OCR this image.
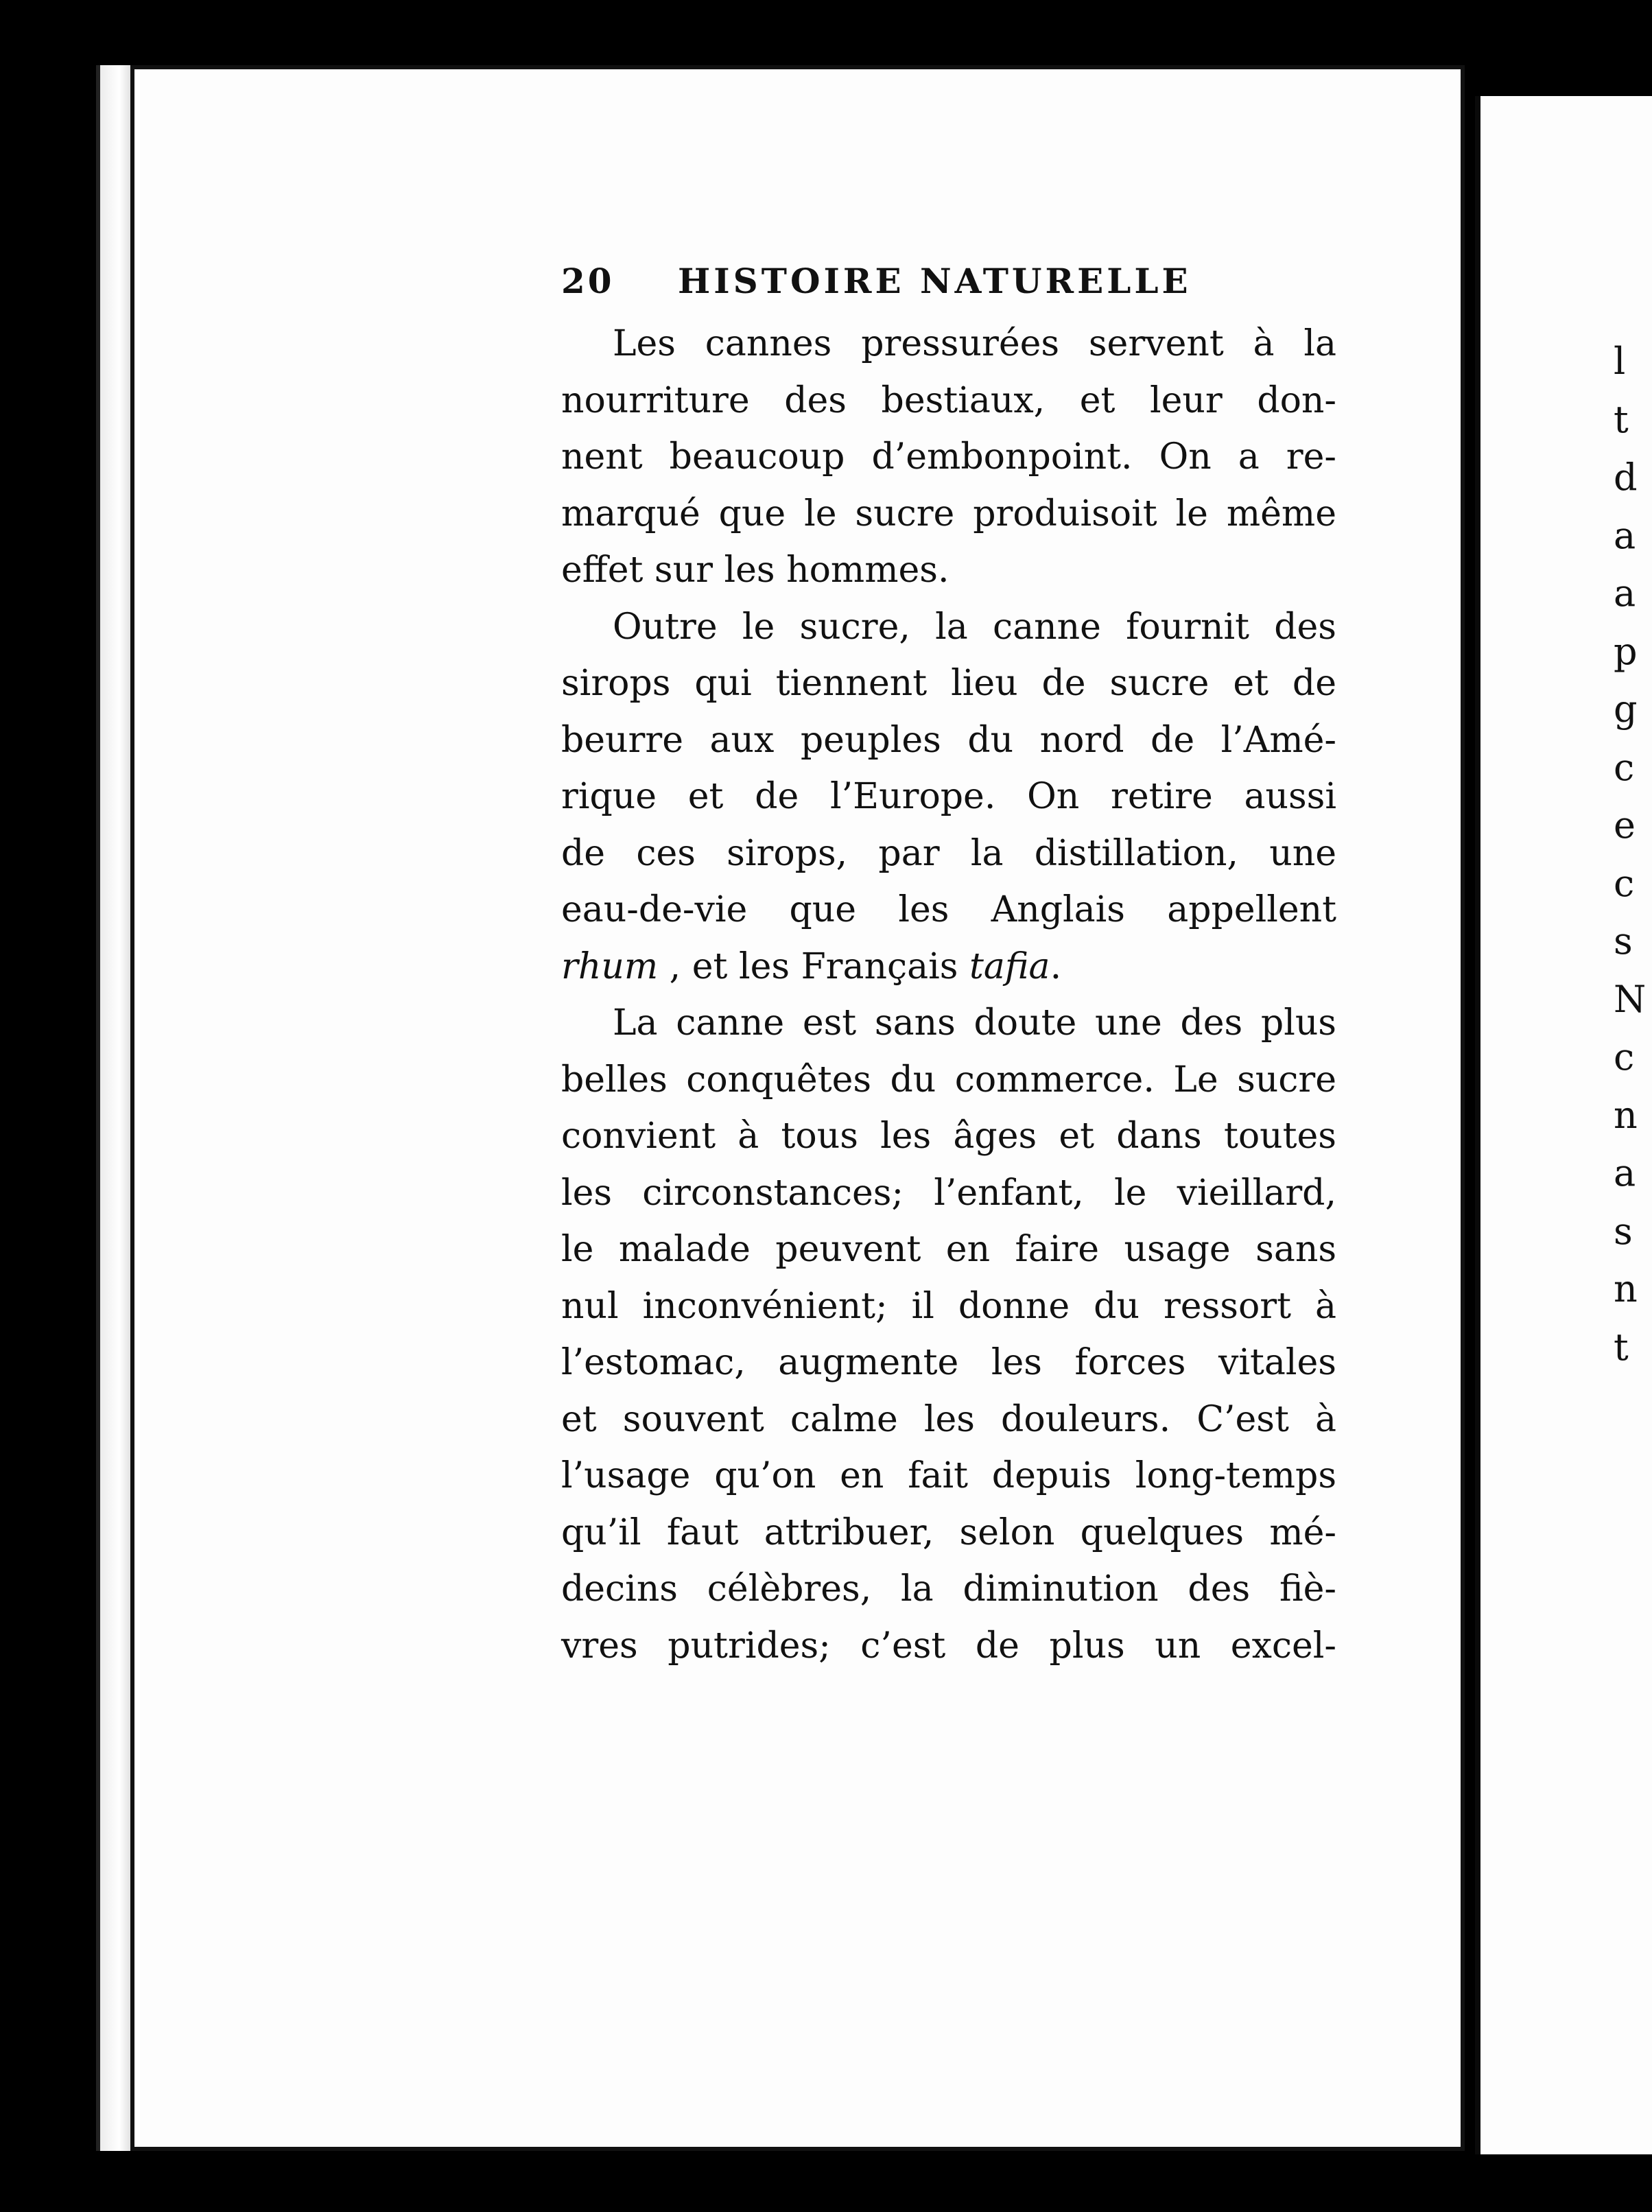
l
t
d
a
a
p
g
c
e
c
s
N
c
n
a
s
n
t
20	HISTOIRE NATURELLE
Les cannes pressurées servent à la
nourriture des bestiaux, et leur don-
nent beaucoup d’embonpoint. On a re-
marqué que le sucre produisoit le même
effet sur les hommes.
Outre le sucre, la canne fournit des
sirops qui tiennent lieu de sucre et de
beurre aux peuples du nord de l’Amé-
rique et de l’Europe. On retire aussi
de ces sirops, par la distillation, une
eau-de-vie que les Anglais appellent
rhum , et les Français tafia.
La canne est sans doute une des plus
belles conquêtes du commerce. Le sucre
convient à tous les âges et dans toutes
les circonstances; l’enfant, le vieillard,
le malade peuvent en faire usage sans
nul inconvénient; il donne du ressort à
l’estomac, augmente les forces vitales
et souvent calme les douleurs. C’est à
l’usage qu’on en fait depuis long-temps
qu’il faut attribuer, selon quelques mé-
decins célèbres, la diminution des fiè-
vres putrides; c’est de plus un excel-
